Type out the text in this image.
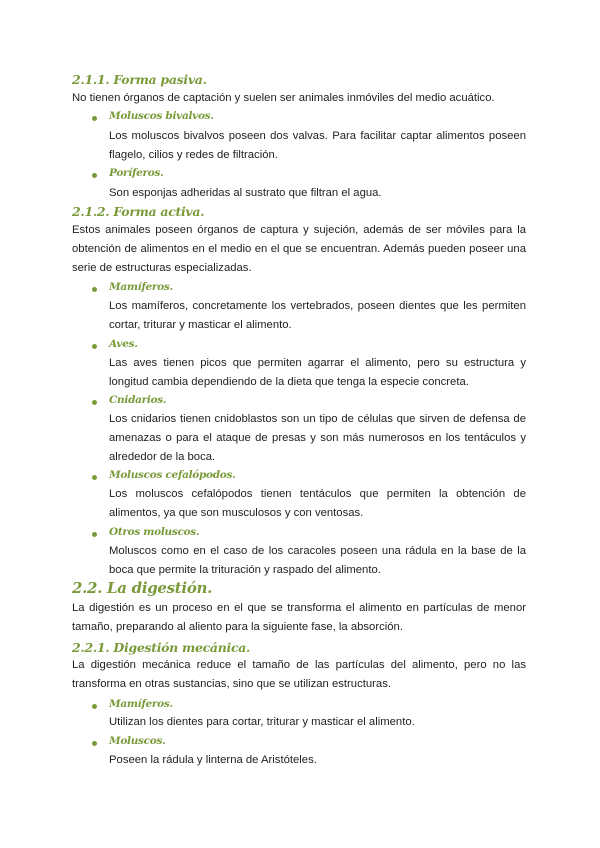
2.1.1. Forma pasiva.

No tienen órganos de captación y suelen ser animales inmóviles del medio acuático.

Moluscos bivalvos.

Los moluscos bivalvos poseen dos valvas. Para facilitar captar alimentos poseen flagelo, cilios y redes de filtración.

Poríferos.

Son esponjas adheridas al sustrato que filtran el agua.

2.1.2. Forma activa.

Estos animales poseen órganos de captura y sujeción, además de ser móviles para la obtención de alimentos en el medio en el que se encuentran. Además pueden poseer una serie de estructuras especializadas.

Mamíferos.

Los mamíferos, concretamente los vertebrados, poseen dientes que les permiten cortar, triturar y masticar el alimento.

Aves.

Las aves tienen picos que permiten agarrar el alimento, pero su estructura y longitud cambia dependiendo de la dieta que tenga la especie concreta.

Cnidarios.

Los cnidarios tienen cnidoblastos son un tipo de células que sirven de defensa de amenazas o para el ataque de presas y son más numerosos en los tentáculos y alrededor de la boca.

Moluscos cefalópodos.

Los moluscos cefalópodos tienen tentáculos que permiten la obtención de alimentos, ya que son musculosos y con ventosas.

Otros moluscos.

Moluscos como en el caso de los caracoles poseen una rádula en la base de la boca que permite la trituración y raspado del alimento.

2.2. La digestión.

La digestión es un proceso en el que se transforma el alimento en partículas de menor tamaño, preparando al aliento para la siguiente fase, la absorción.

2.2.1. Digestión mecánica.

La digestión mecánica reduce el tamaño de las partículas del alimento, pero no las transforma en otras sustancias, sino que se utilizan estructuras.

Mamíferos.

Utilizan los dientes para cortar, triturar y masticar el alimento.

Moluscos.

Poseen la rádula y linterna de Aristóteles.
